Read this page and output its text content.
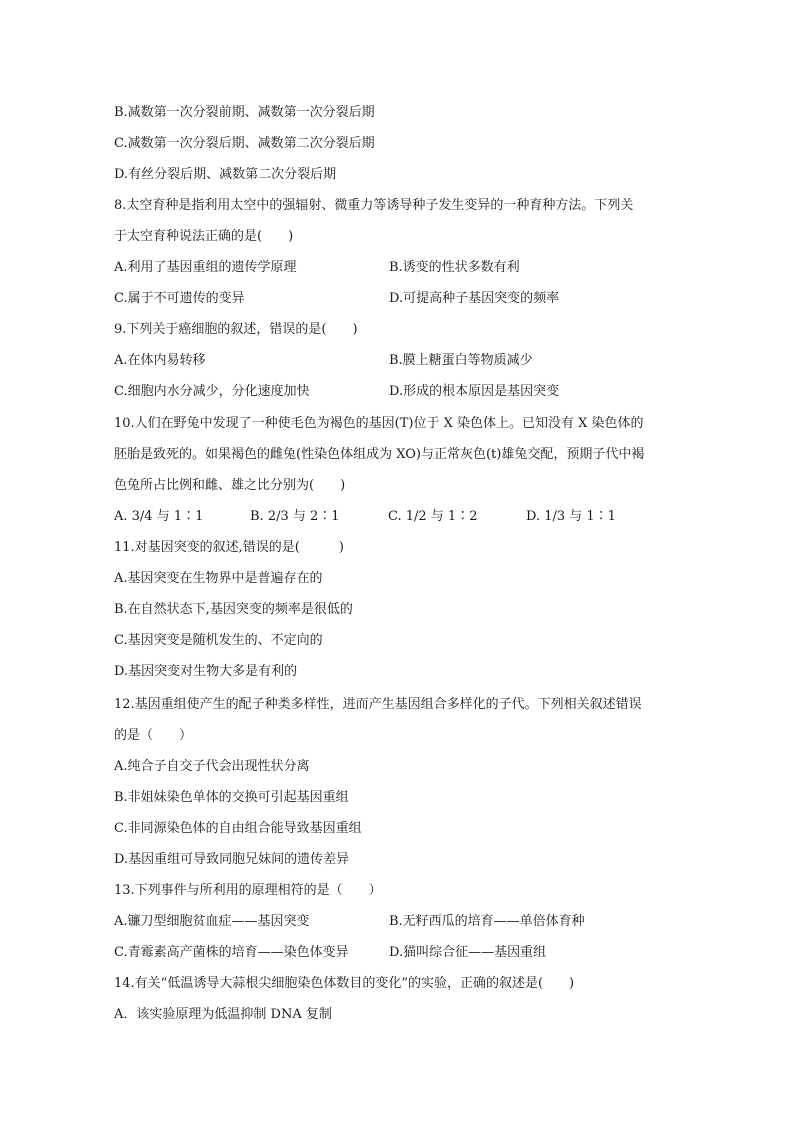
B.减数第一次分裂前期、减数第一次分裂后期
C.减数第一次分裂后期、减数第二次分裂后期
D.有丝分裂后期、减数第二次分裂后期
8.太空育种是指利用太空中的强辐射、微重力等诱导种子发生变异的一种育种方法。下列关
于太空育种说法正确的是(　　)
A.利用了基因重组的遗传学原理	B.诱变的性状多数有利
C.属于不可遗传的变异	D.可提高种子基因突变的频率
9.下列关于癌细胞的叙述，错误的是(　　)
A.在体内易转移	B.膜上糖蛋白等物质减少
C.细胞内水分减少，分化速度加快	D.形成的根本原因是基因突变
10.人们在野兔中发现了一种使毛色为褐色的基因(T)位于 X 染色体上。已知没有 X 染色体的
胚胎是致死的。如果褐色的雌兔(性染色体组成为 XO)与正常灰色(t)雄兔交配，预期子代中褐
色兔所占比例和雌、雄之比分别为(　　)
A. 3/4 与 1∶1	B. 2/3 与 2∶1	C. 1/2 与 1∶2	D. 1/3 与 1∶1
11.对基因突变的叙述,错误的是(　　　)
A.基因突变在生物界中是普遍存在的
B.在自然状态下,基因突变的频率是很低的
C.基因突变是随机发生的、不定向的
D.基因突变对生物大多是有利的
12.基因重组使产生的配子种类多样性，进而产生基因组合多样化的子代。下列相关叙述错误
的是（　　）
A.纯合子自交子代会出现性状分离
B.非姐妹染色单体的交换可引起基因重组
C.非同源染色体的自由组合能导致基因重组
D.基因重组可导致同胞兄妹间的遗传差异
13.下列事件与所利用的原理相符的是（　　）
A.镰刀型细胞贫血症——基因突变	B.无籽西瓜的培育——单倍体育种
C.青霉素高产菌株的培育——染色体变异	D.猫叫综合征——基因重组
14.有关“低温诱导大蒜根尖细胞染色体数目的变化”的实验，正确的叙述是(　　)
A．该实验原理为低温抑制 DNA 复制
